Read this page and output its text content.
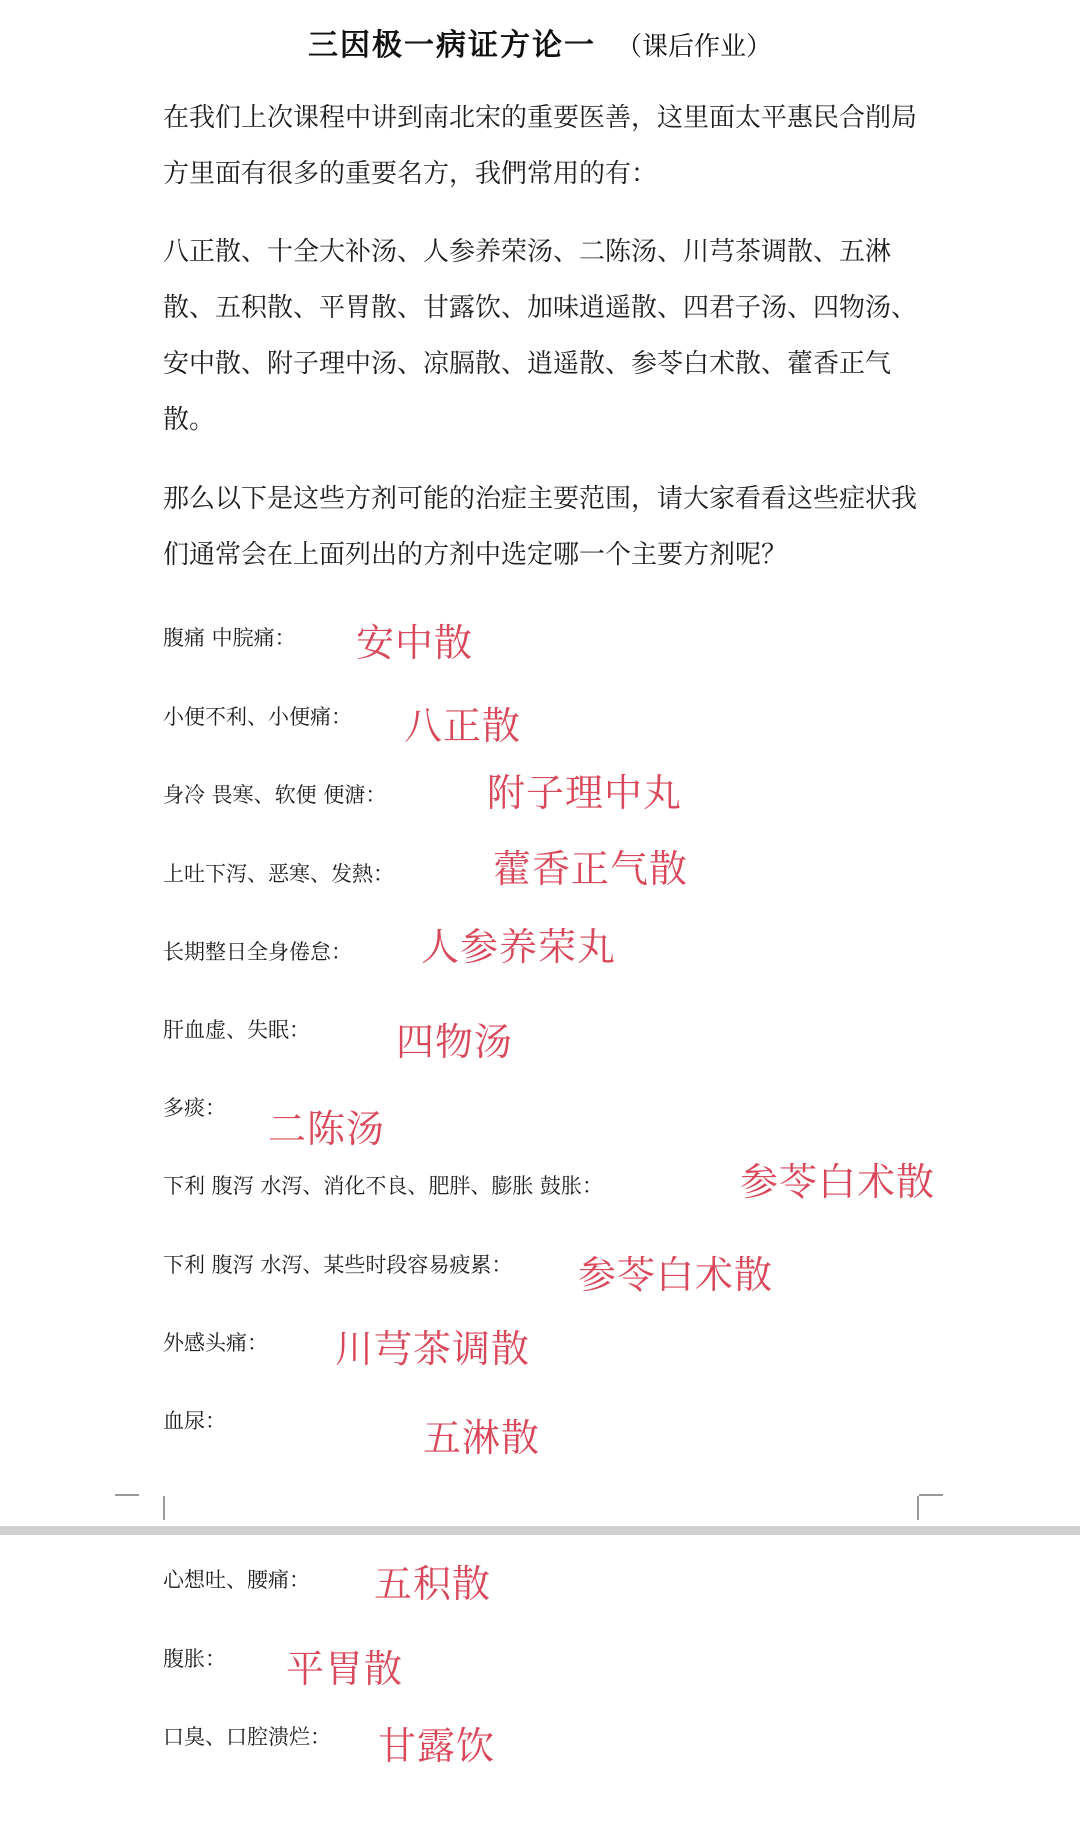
三因极一病证方论一 （课后作业）

在我们上次课程中讲到南北宋的重要医善，这里面太平惠民合削局方里面有很多的重要名方，我們常用的有：

八正散、十全大补汤、人参养荣汤、二陈汤、川芎茶调散、五淋散、五积散、平胃散、甘露饮、加味逍遥散、四君子汤、四物汤、安中散、附子理中汤、凉膈散、逍遥散、参苓白术散、藿香正气散。

那么以下是这些方剂可能的治症主要范围，请大家看看这些症状我们通常会在上面列出的方剂中选定哪一个主要方剂呢？

腹痛 中脘痛： 安中散
小便不利、小便痛： 八正散
身冷 畏寒、软便 便溏：	附子理中丸
上吐下泻、恶寒、发熱：	藿香正气散
长期整日全身倦怠： 人参养荣丸
肝血虚、失眠： 四物汤
多痰： 二陈汤
下利 腹泻 水泻、消化不良、肥胖、膨胀 鼓胀：	参苓白术散
下利 腹泻 水泻、某些时段容易疲累： 参苓白术散
外感头痛： 川芎茶调散
血尿：	五淋散
心想吐、腰痛： 五积散
腹胀： 平胃散
口臭、口腔溃烂： 甘露饮
